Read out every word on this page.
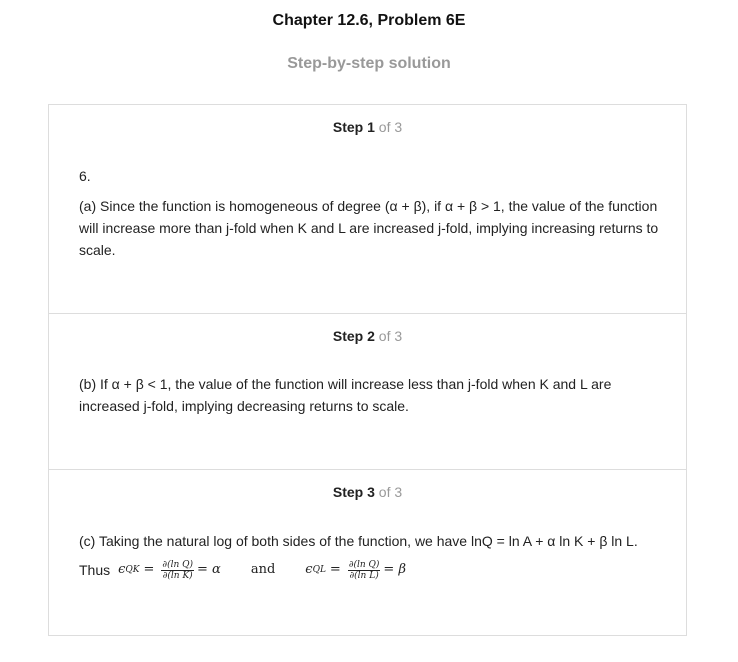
Chapter 12.6, Problem 6E
Step-by-step solution
Step 1 of 3
6.
(a) Since the function is homogeneous of degree (α + β), if α + β > 1, the value of the function will increase more than j-fold when K and L are increased j-fold, implying increasing returns to scale.
Step 2 of 3
(b) If α + β < 1, the value of the function will increase less than j-fold when K and L are increased j-fold, implying decreasing returns to scale.
Step 3 of 3
(c) Taking the natural log of both sides of the function, we have lnQ = ln A + α ln K + β ln L.
Thus ϵ QK = $\frac{\text{∂(ln Q)}}{\text{∂(ln K)}} = \alpha$ and ϵ QL = $\frac{\text{∂(ln Q)}}{\text{∂(ln L)}} = \beta$
